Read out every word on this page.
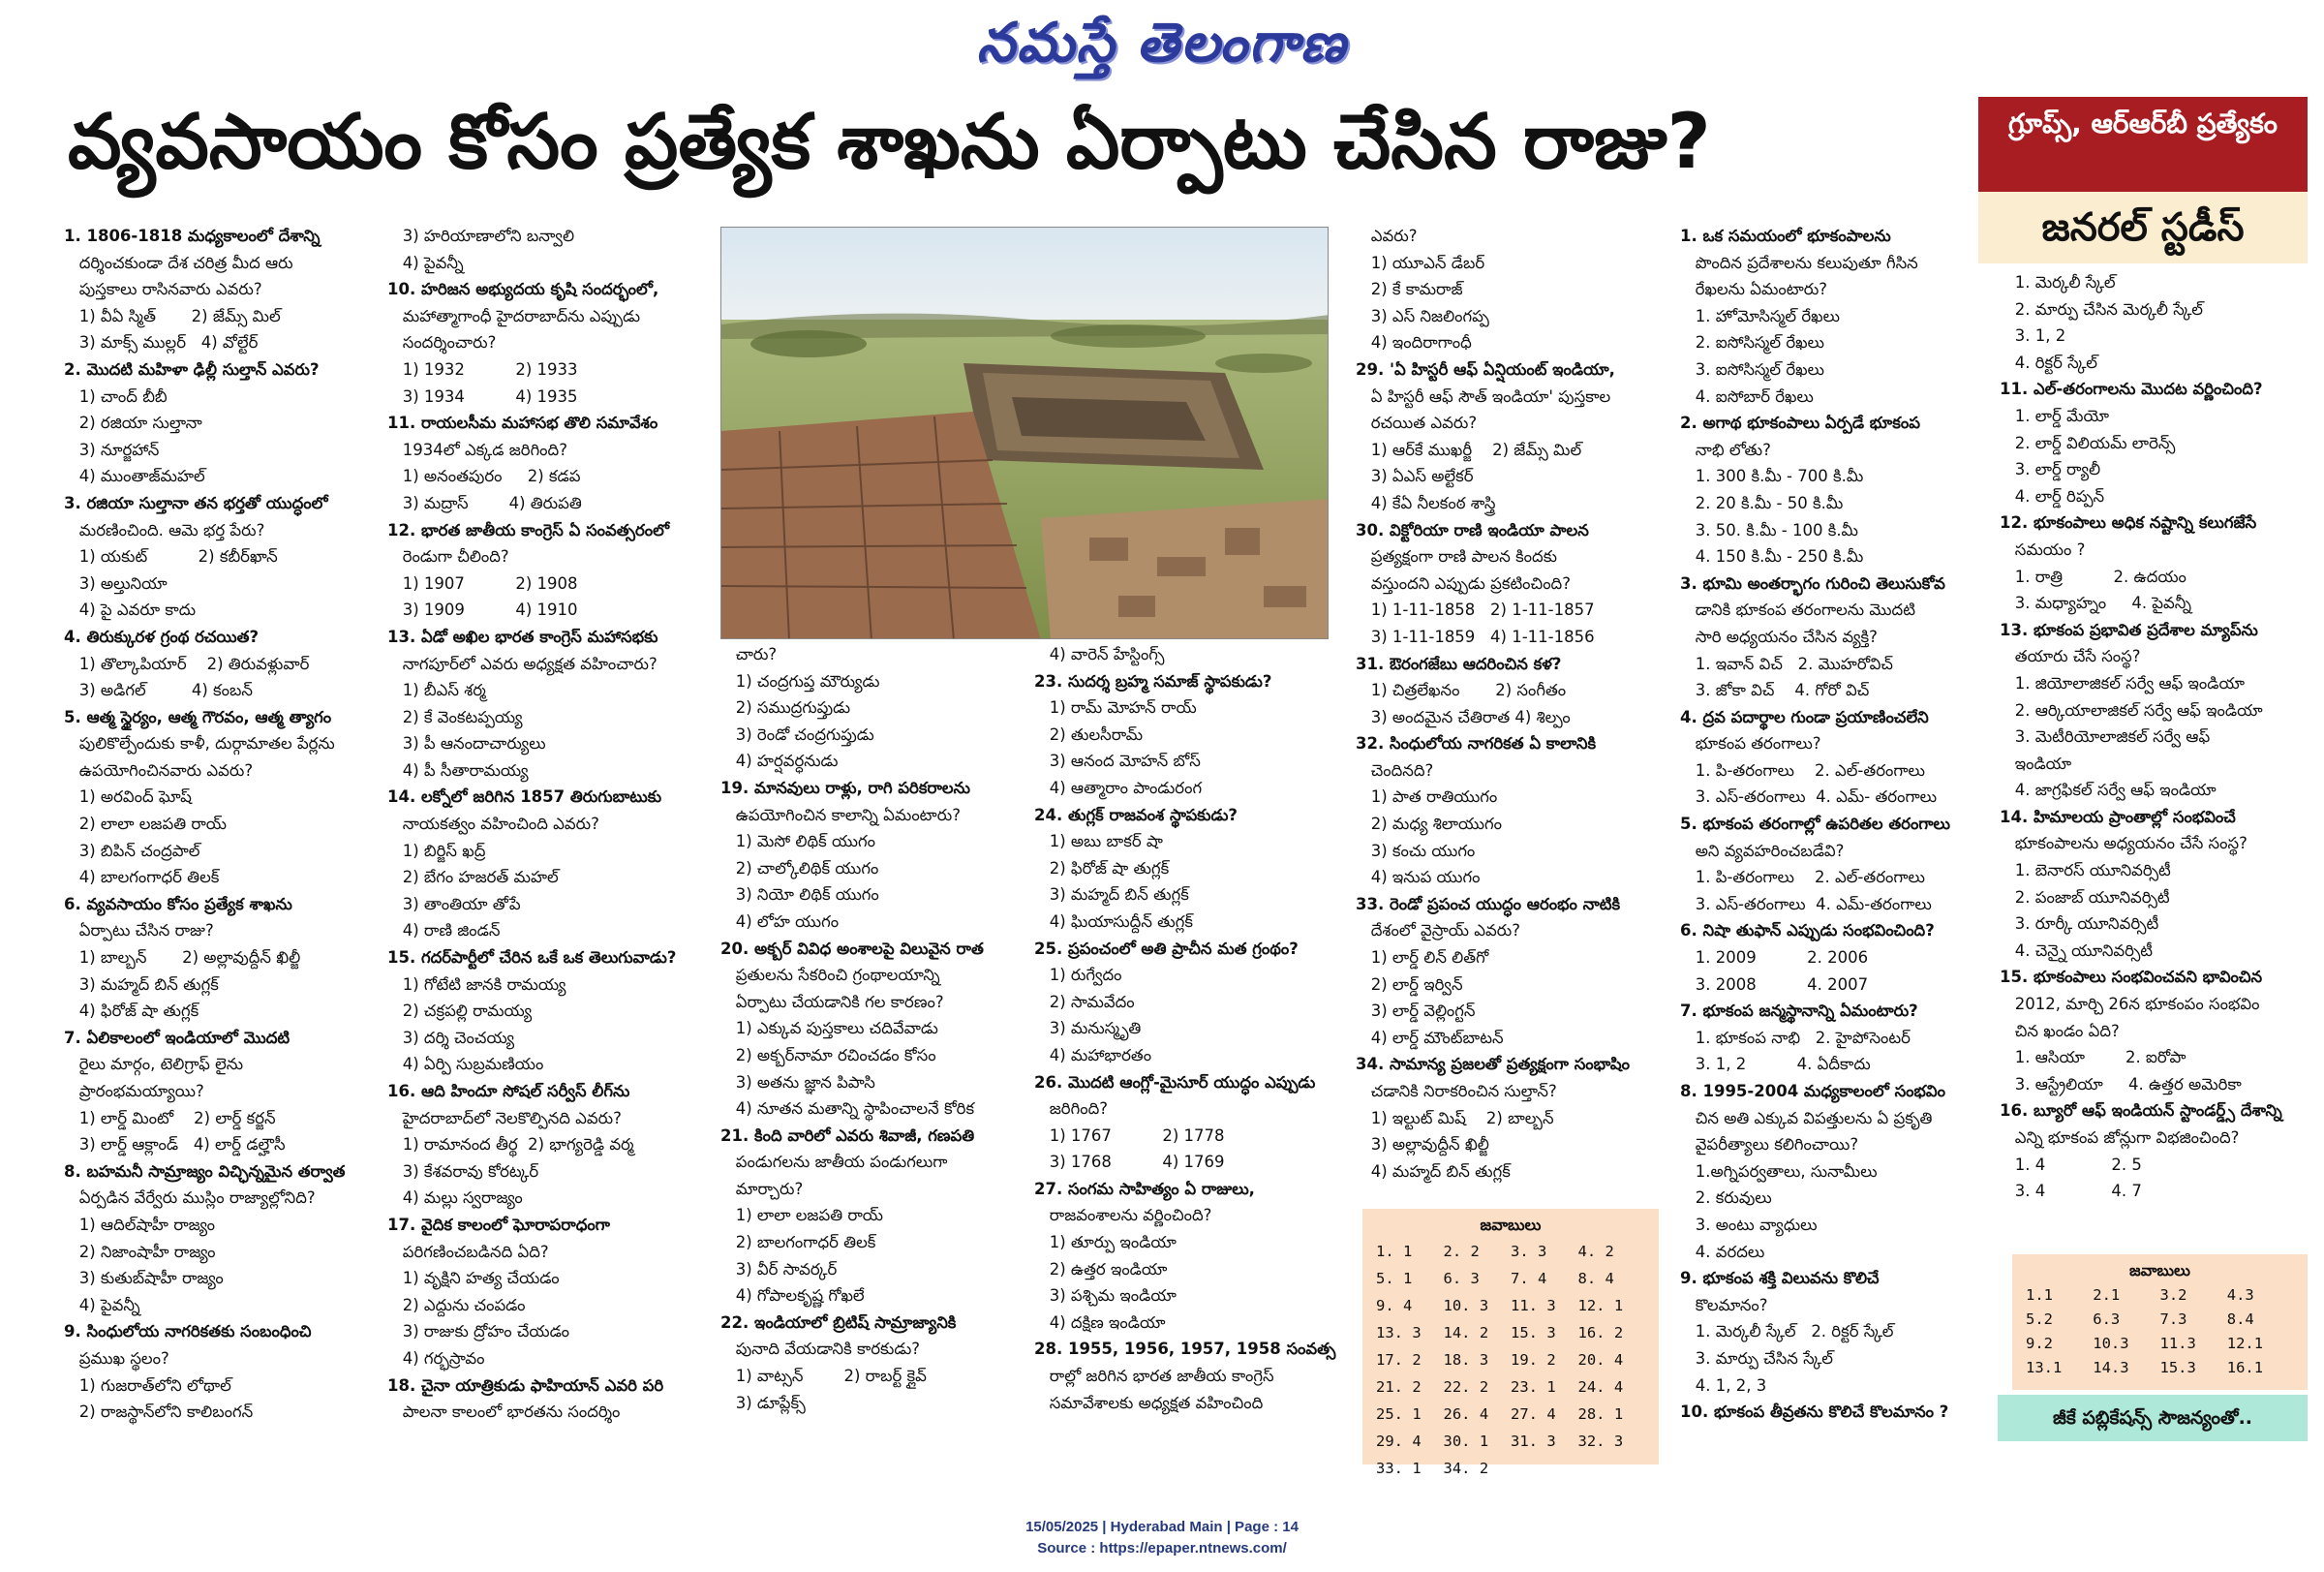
నమస్తే తెలంగాణ
వ్యవసాయం కోసం ప్రత్యేక శాఖను ఏర్పాటు చేసిన రాజు?	గ్రూప్స్‌, ఆర్‌ఆర్‌బీ ప్రత్యేకం
జనరల్‌ స్టడీస్‌
1. 1806-1818 మధ్యకాలంలో దేశాన్ని
దర్శించకుండా దేశ చరిత్ర మీద ఆరు
పుస్తకాలు రాసినవారు ఎవరు?
1) వీఏ స్మిత్       2) జేమ్స్‌ మిల్‌
3) మాక్స్‌ ముల్లర్‌   4) వోల్టేర్‌
2. మొదటి మహిళా ఢిల్లీ సుల్తాన్‌ ఎవరు?
1) చాంద్‌ బీబీ
2) రజియా సుల్తానా
3) నూర్జహాన్‌
4) ముంతాజ్‌మహల్‌
3. రజియా సుల్తానా తన భర్తతో యుద్ధంలో
మరణించింది. ఆమె భర్త పేరు?
1) యకుట్‌          2) కబీర్‌ఖాన్‌
3) అల్తునియా
4) పై ఎవరూ కాదు
4. తిరుక్కురళ గ్రంథ రచయిత?
1) తొల్కాపియార్‌    2) తిరువళ్లువార్‌
3) అడిగల్‌         4) కంబన్‌
5. ఆత్మ స్థైర్యం, ఆత్మ గౌరవం, ఆత్మ త్యాగం
పులికొల్పేందుకు కాళీ, దుర్గామాతల పేర్లను
ఉపయోగించినవారు ఎవరు?
1) అరవింద్‌ ఘోష్‌
2) లాలా లజపతి రాయ్‌
3) బిపిన్‌ చంద్రపాల్‌
4) బాలగంగాధర్‌ తిలక్‌
6. వ్యవసాయం కోసం ప్రత్యేక శాఖను
ఏర్పాటు చేసిన రాజు?
1) బాల్బన్‌       2) అల్లావుద్దీన్‌ ఖిల్జీ
3) మహ్మద్‌ బిన్‌ తుగ్లక్‌
4) ఫిరోజ్‌ షా తుగ్లక్‌
7. ఏలికాలంలో ఇండియాలో మొదటి
రైలు మార్గం, టెలిగ్రాఫ్‌ లైను
ప్రారంభమయ్యాయి?
1) లార్డ్‌ మింటో    2) లార్డ్‌ కర్జన్‌
3) లార్డ్‌ ఆక్లాండ్‌   4) లార్డ్‌ డల్హౌసీ
8. బహమనీ సామ్రాజ్యం విచ్ఛిన్నమైన తర్వాత
ఏర్పడిన వేర్వేరు ముస్లిం రాజ్యాల్లోనిది?
1) ఆదిల్‌షాహీ రాజ్యం
2) నిజాంషాహీ రాజ్యం
3) కుతుబ్‌షాహీ రాజ్యం
4) పైవన్నీ
9. సింధులోయ నాగరికతకు సంబంధించి
ప్రముఖ స్థలం?
1) గుజరాత్‌లోని లోథాల్‌
2) రాజస్థాన్‌లోని కాలిబంగన్‌
3) హరియాణాలోని బన్వాలి
4) పైవన్నీ
10. హరిజన అభ్యుదయ కృషి సందర్భంలో,
మహాత్మాగాంధీ హైదరాబాద్‌ను ఎప్పుడు
సందర్శించారు?
1) 1932          2) 1933
3) 1934          4) 1935
11. రాయలసీమ మహాసభ తొలి సమావేశం
1934లో ఎక్కడ జరిగింది?
1) అనంతపురం     2) కడప
3) మద్రాస్‌        4) తిరుపతి
12. భారత జాతీయ కాంగ్రెస్‌ ఏ సంవత్సరంలో
రెండుగా చీలింది?
1) 1907          2) 1908
3) 1909          4) 1910
13. ఏడో అఖిల భారత కాంగ్రెస్‌ మహాసభకు
నాగపూర్‌లో ఎవరు అధ్యక్షత వహించారు?
1) బీఎస్‌ శర్మ
2) కే వెంకటప్పయ్య
3) పీ ఆనందాచార్యులు
4) పీ సీతారామయ్య
14. లక్నోలో జరిగిన 1857 తిరుగుబాటుకు
నాయకత్వం వహించింది ఎవరు?
1) బిర్జిస్‌ ఖద్ర్‌
2) బేగం హజరత్‌ మహల్‌
3) తాంతియా తోపే
4) రాణి జిండన్‌
15. గదర్‌పార్టీలో చేరిన ఒకే ఒక తెలుగువాడు?
1) గోటేటి జానకి రామయ్య
2) చక్రపల్లి రామయ్య
3) దర్శి చెంచయ్య
4) ఏర్పి సుబ్రమణియం
16. ఆది హిందూ సోషల్‌ సర్వీస్‌ లీగ్‌ను
హైదరాబాద్‌లో నెలకొల్పినది ఎవరు?
1) రామానంద తీర్థ  2) భాగ్యరెడ్డి వర్మ
3) కేశవరావు కోరట్కర్‌
4) మల్లు స్వరాజ్యం
17. వైదిక కాలంలో ఘోరాపరాధంగా
పరిగణించబడినది ఏది?
1) వృక్షిని హత్య చేయడం
2) ఎద్దును చంపడం
3) రాజుకు ద్రోహం చేయడం
4) గర్భస్రావం
18. చైనా యాత్రికుడు ఫాహియాన్‌ ఎవరి పరి
పాలనా కాలంలో భారతను సందర్శిం
చారు?
1) చంద్రగుప్త మౌర్యుడు
2) సముద్రగుప్తుడు
3) రెండో చంద్రగుప్తుడు
4) హర్షవర్ధనుడు
19. మానవులు రాళ్లు, రాగి పరికరాలను
ఉపయోగించిన కాలాన్ని ఏమంటారు?
1) మెసో లిథిక్‌ యుగం
2) చాల్కోలిథిక్‌ యుగం
3) నియో లిథిక్‌ యుగం
4) లోహ యుగం
20. అక్బర్‌ వివిధ అంశాలపై విలువైన రాత
ప్రతులను సేకరించి గ్రంథాలయాన్ని
ఏర్పాటు చేయడానికి గల కారణం?
1) ఎక్కువ పుస్తకాలు చదివేవాడు
2) అక్బర్‌నామా రచించడం కోసం
3) అతను జ్ఞాన పిపాసి
4) నూతన మతాన్ని స్థాపించాలనే కోరిక
21. కింది వారిలో ఎవరు శివాజీ, గణపతి
పండుగలను జాతీయ పండుగలుగా
మార్చారు?
1) లాలా లజపతి రాయ్‌
2) బాలగంగాధర్‌ తిలక్‌
3) వీర్‌ సావర్కర్‌
4) గోపాలకృష్ణ గోఖలే
22. ఇండియాలో బ్రిటిష్‌ సామ్రాజ్యానికి
పునాది వేయడానికి కారకుడు?
1) వాట్సన్‌        2) రాబర్ట్‌ క్లైవ్‌
3) డూప్లేక్స్‌
4) వారెన్‌ హేస్టింగ్స్‌
23. సుదర్శ బ్రహ్మ సమాజ్‌ స్థాపకుడు?
1) రామ్‌ మోహన్‌ రాయ్‌
2) తులసీరామ్‌
3) ఆనంద మోహన్‌ బోస్‌
4) ఆత్మారాం పాండురంగ
24. తుగ్లక్‌ రాజవంశ స్థాపకుడు?
1) అబు బాకర్‌ షా
2) ఫిరోజ్‌ షా తుగ్లక్‌
3) మహ్మద్‌ బిన్‌ తుగ్లక్‌
4) ఘియాసుద్దీన్‌ తుగ్లక్‌
25. ప్రపంచంలో అతి ప్రాచీన మత గ్రంథం?
1) రుగ్వేదం
2) సామవేదం
3) మనుస్మృతి
4) మహాభారతం
26. మొదటి ఆంగ్లో-మైసూర్‌ యుద్ధం ఎప్పుడు
జరిగింది?
1) 1767          2) 1778
3) 1768          4) 1769
27. సంగమ సాహిత్యం ఏ రాజులు,
రాజవంశాలను వర్ణించింది?
1) తూర్పు ఇండియా
2) ఉత్తర ఇండియా
3) పశ్చిమ ఇండియా
4) దక్షిణ ఇండియా
28. 1955, 1956, 1957, 1958 సంవత్స
రాల్లో జరిగిన భారత జాతీయ కాంగ్రెస్‌
సమావేశాలకు అధ్యక్షత వహించింది
ఎవరు?
1) యూఎన్‌ డేబర్‌
2) కే కామరాజ్‌
3) ఎస్‌ నిజలింగప్ప
4) ఇందిరాగాంధీ
29. 'ఏ హిస్టరీ ఆఫ్‌ ఏన్షియంట్‌ ఇండియా,
ఏ హిస్టరీ ఆఫ్‌ సౌత్‌ ఇండియా' పుస్తకాల
రచయిత ఎవరు?
1) ఆర్‌కే ముఖర్జీ    2) జేమ్స్‌ మిల్‌
3) ఏఎస్‌ అల్టేకర్‌
4) కేఏ నీలకంఠ శాస్త్రి
30. విక్టోరియా రాణి ఇండియా పాలన
ప్రత్యక్షంగా రాణి పాలన కిందకు
వస్తుందని ఎప్పుడు ప్రకటించింది?
1) 1-11-1858   2) 1-11-1857
3) 1-11-1859   4) 1-11-1856
31. ఔరంగజేబు ఆదరించిన కళ?
1) చిత్రలేఖనం       2) సంగీతం
3) అందమైన చేతిరాత 4) శిల్పం
32. సింధులోయ నాగరికత ఏ కాలానికి
చెందినది?
1) పాత రాతియుగం
2) మధ్య శిలాయుగం
3) కంచు యుగం
4) ఇనుప యుగం
33. రెండో ప్రపంచ యుద్ధం ఆరంభం నాటికి
దేశంలో వైస్రాయ్‌ ఎవరు?
1) లార్డ్‌ లిన్‌ లిత్‌గో
2) లార్డ్‌ ఇర్విన్‌
3) లార్డ్‌ వెల్లింగ్టన్‌
4) లార్డ్‌ మౌంట్‌బాటన్‌
34. సామాన్య ప్రజలతో ప్రత్యక్షంగా సంభాషిం
చడానికి నిరాకరించిన సుల్తాన్‌?
1) ఇల్టుట్‌ మిష్‌    2) బాల్బన్‌
3) అల్లావుద్దీన్‌ ఖిల్జీ
4) మహ్మద్‌ బిన్‌ తుగ్లక్‌
1. ఒక సమయంలో భూకంపాలను
పొందిన ప్రదేశాలను కలుపుతూ గీసిన
రేఖలను ఏమంటారు?
1. హోమోసిస్మల్‌ రేఖలు
2. ఐసోసిస్మల్‌ రేఖలు
3. ఐసోసిస్మల్‌ రేఖలు
4. ఐసోబార్‌ రేఖలు
2. అగాథ భూకంపాలు ఏర్పడే భూకంప
నాభి లోతు?
1. 300 కి.మీ - 700 కి.మీ
2. 20 కి.మీ - 50 కి.మీ
3. 50. కి.మీ - 100 కి.మీ
4. 150 కి.మీ - 250 కి.మీ
3. భూమి అంతర్భాగం గురించి తెలుసుకోవ
డానికి భూకంప తరంగాలను మొదటి
సారి అధ్యయనం చేసిన వ్యక్తి?
1. ఇవాన్‌ విచ్‌   2. మొహరోవిచ్‌
3. జోకా విచ్‌    4. గోరో విచ్‌
4. ద్రవ పదార్థాల గుండా ప్రయాణించలేని
భూకంప తరంగాలు?
1. పి-తరంగాలు    2. ఎల్‌-తరంగాలు
3. ఎస్‌-తరంగాలు  4. ఎమ్‌- తరంగాలు
5. భూకంప తరంగాల్లో ఉపరితల తరంగాలు
అని వ్యవహరించబడేవి?
1. పి-తరంగాలు    2. ఎల్‌-తరంగాలు
3. ఎస్‌-తరంగాలు  4. ఎమ్‌-తరంగాలు
6. నిషా తుఫాన్‌ ఎప్పుడు సంభవించింది?
1. 2009          2. 2006
3. 2008          4. 2007
7. భూకంప జన్మస్థానాన్ని ఏమంటారు?
1. భూకంప నాభి   2. హైపోసెంటర్‌
3. 1, 2          4. ఏదీకాదు
8. 1995-2004 మధ్యకాలంలో సంభవిం
చిన అతి ఎక్కువ విపత్తులను ఏ ప్రకృతి
వైపరీత్యాలు కలిగించాయి?
1.అగ్నిపర్వతాలు, సునామీలు
2. కరువులు
3. అంటు వ్యాధులు
4. వరదలు
9. భూకంప శక్తి విలువను కొలిచే
కొలమానం?
1. మెర్కలీ స్కేల్‌   2. రిక్టర్‌ స్కేల్‌
3. మార్పు చేసిన స్కేల్‌
4. 1, 2, 3
10. భూకంప తీవ్రతను కొలిచే కొలమానం ?
1. మెర్కలీ స్కేల్‌
2. మార్పు చేసిన మెర్కలీ స్కేల్‌
3. 1, 2
4. రిక్టర్‌ స్కేల్‌
11. ఎల్‌-తరంగాలను మొదట వర్ణించింది?
1. లార్డ్‌ మేయో
2. లార్డ్‌ విలియమ్‌ లారెన్స్‌
3. లార్డ్‌ ర్యాలీ
4. లార్డ్‌ రిప్పన్‌
12. భూకంపాలు అధిక నష్టాన్ని కలుగజేసే
సమయం ?
1. రాత్రి          2. ఉదయం
3. మధ్యాహ్నం     4. పైవన్నీ
13. భూకంప ప్రభావిత ప్రదేశాల మ్యాప్‌ను
తయారు చేసే సంస్థ?
1. జియోలాజికల్‌ సర్వే ఆఫ్‌ ఇండియా
2. ఆర్కియాలాజికల్‌ సర్వే ఆఫ్‌ ఇండియా
3. మెటీరియోలాజికల్‌ సర్వే ఆఫ్‌
ఇండియా
4. జాగ్రఫికల్‌ సర్వే ఆఫ్‌ ఇండియా
14. హిమాలయ ప్రాంతాల్లో సంభవించే
భూకంపాలను అధ్యయనం చేసే సంస్థ?
1. బెనారస్‌ యూనివర్సిటీ
2. పంజాబ్‌ యూనివర్సిటీ
3. రూర్కీ యూనివర్సిటీ
4. చెన్నై యూనివర్సిటీ
15. భూకంపాలు సంభవించవని భావించిన
2012, మార్చి 26న భూకంపం సంభవిం
చిన ఖండం ఏది?
1. ఆసియా        2. ఐరోపా
3. ఆస్ట్రేలియా     4. ఉత్తర అమెరికా
16. బ్యూరో ఆఫ్‌ ఇండియన్‌ స్టాండర్డ్స్‌ దేశాన్ని
ఎన్ని భూకంప జోన్లుగా విభజించింది?
1. 4             2. 5
3. 4             4. 7
జవాబులు
1. 1	2. 2	3. 3	4. 2
5. 1	6. 3	7. 4	8. 4
9. 4	10. 3	11. 3	12. 1
13. 3	14. 2	15. 3	16. 2
17. 2	18. 3	19. 2	20. 4
21. 2	22. 2	23. 1	24. 4
25. 1	26. 4	27. 4	28. 1
29. 4	30. 1	31. 3	32. 3
33. 1	34. 2
జవాబులు
1.1	2.1	3.2	4.3
5.2	6.3	7.3	8.4
9.2	10.3	11.3	12.1
13.1	14.3	15.3	16.1
జీకే పబ్లికేషన్స్‌ సౌజన్యంతో..
15/05/2025 | Hyderabad Main | Page : 14
Source : https://epaper.ntnews.com/
